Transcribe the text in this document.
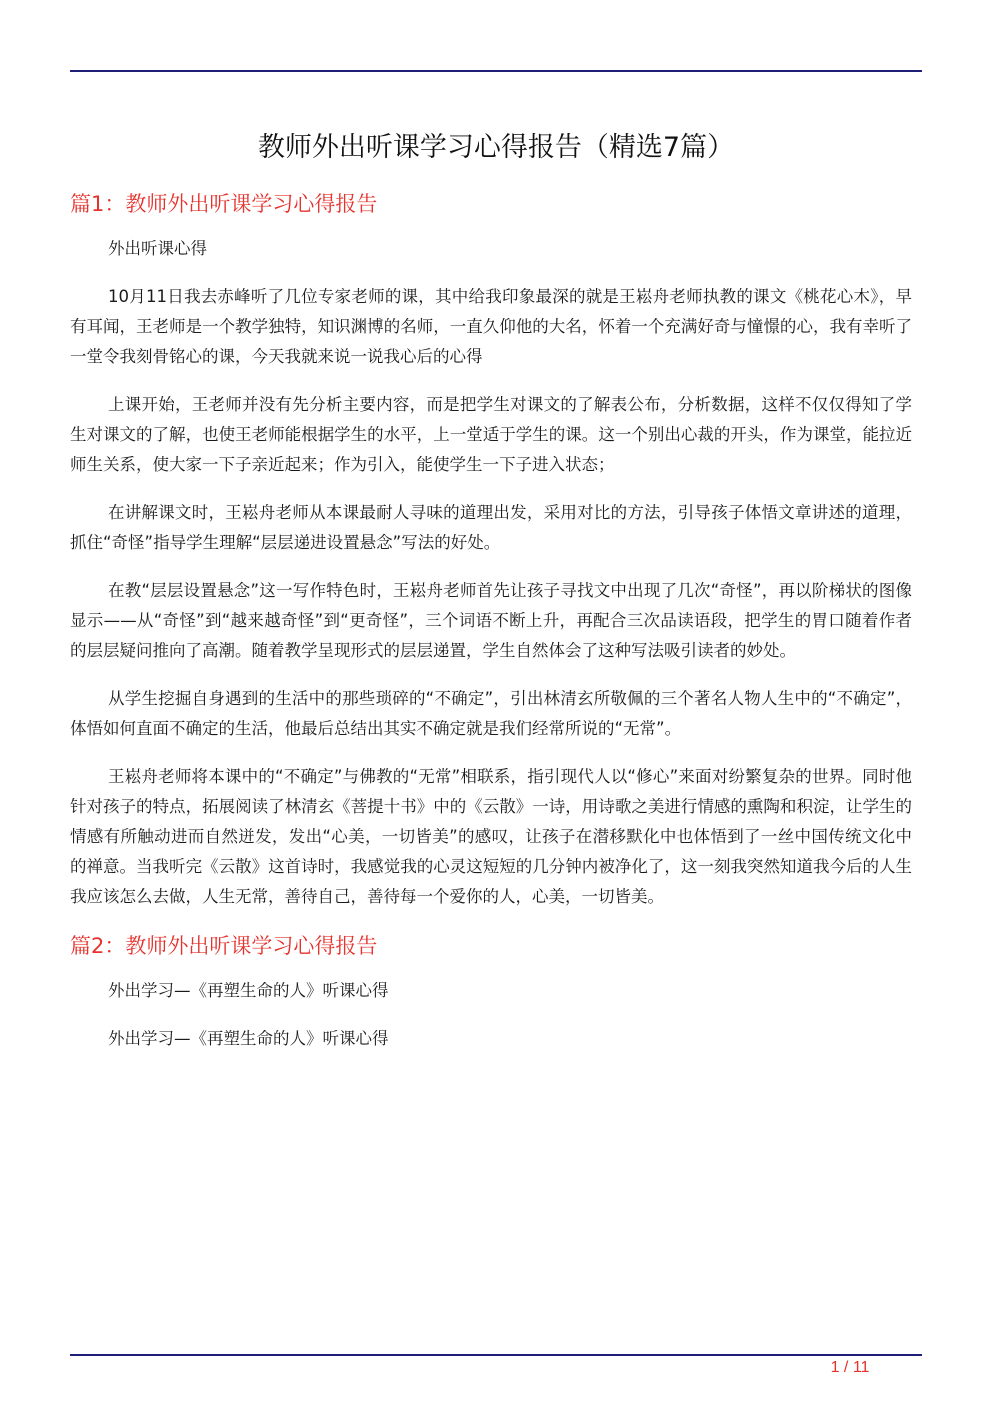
教师外出听课学习心得报告（精选7篇）
篇1：教师外出听课学习心得报告

外出听课心得

10月11日我去赤峰听了几位专家老师的课，其中给我印象最深的就是王崧舟老师执教的课文《桃花心木》，早有耳闻，王老师是一个教学独特，知识渊博的名师，一直久仰他的大名，怀着一个充满好奇与憧憬的心，我有幸听了一堂令我刻骨铭心的课，今天我就来说一说我心后的心得

上课开始，王老师并没有先分析主要内容，而是把学生对课文的了解表公布，分析数据，这样不仅仅得知了学生对课文的了解，也使王老师能根据学生的水平，上一堂适于学生的课。这一个别出心裁的开头，作为课堂，能拉近师生关系，使大家一下子亲近起来；作为引入，能使学生一下子进入状态；

在讲解课文时，王崧舟老师从本课最耐人寻味的道理出发，采用对比的方法，引导孩子体悟文章讲述的道理，抓住“奇怪”指导学生理解“层层递进设置悬念”写法的好处。

在教“层层设置悬念”这一写作特色时，王崧舟老师首先让孩子寻找文中出现了几次“奇怪”，再以阶梯状的图像显示——从“奇怪”到“越来越奇怪”到“更奇怪”，三个词语不断上升，再配合三次品读语段，把学生的胃口随着作者的层层疑问推向了高潮。随着教学呈现形式的层层递置，学生自然体会了这种写法吸引读者的妙处。

从学生挖掘自身遇到的生活中的那些琐碎的“不确定”，引出林清玄所敬佩的三个著名人物人生中的“不确定”，体悟如何直面不确定的生活，他最后总结出其实不确定就是我们经常所说的“无常”。

王崧舟老师将本课中的“不确定”与佛教的“无常”相联系，指引现代人以“修心”来面对纷繁复杂的世界。同时他针对孩子的特点，拓展阅读了林清玄《菩提十书》中的《云散》一诗，用诗歌之美进行情感的熏陶和积淀，让学生的情感有所触动进而自然迸发，发出“心美，一切皆美”的感叹，让孩子在潜移默化中也体悟到了一丝中国传统文化中的禅意。当我听完《云散》这首诗时，我感觉我的心灵这短短的几分钟内被净化了，这一刻我突然知道我今后的人生我应该怎么去做，人生无常，善待自己，善待每一个爱你的人，心美，一切皆美。

篇2：教师外出听课学习心得报告

外出学习—《再塑生命的人》听课心得

外出学习—《再塑生命的人》听课心得

1 / 11
